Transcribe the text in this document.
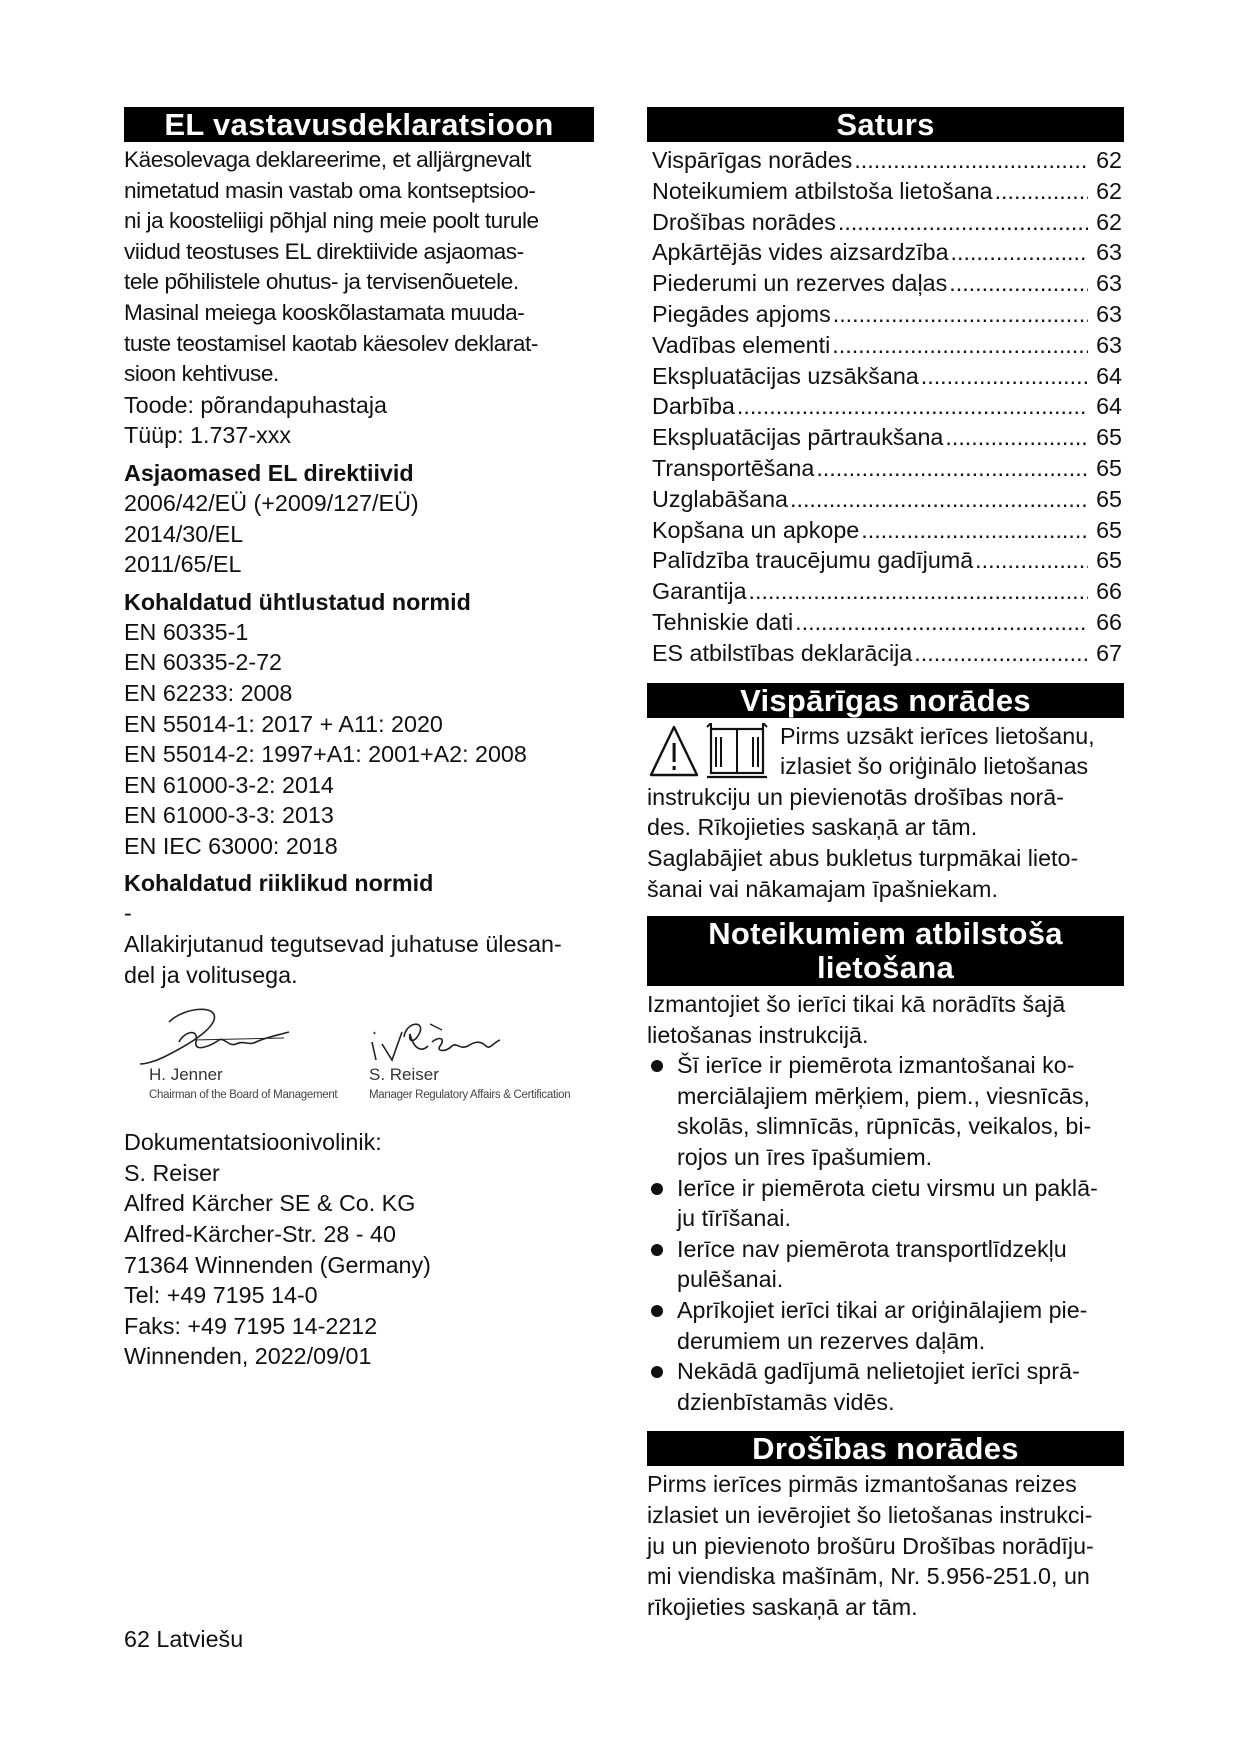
EL vastavusdeklaratsioon
Käesolevaga deklareerime, et alljärgnevalt
nimetatud masin vastab oma kontseptsioo-
ni ja koosteliigi põhjal ning meie poolt turule
viidud teostuses EL direktiivide asjaomas-
tele põhilistele ohutus- ja tervisenõuetele.
Masinal meiega kooskõlastamata muuda-
tuste teostamisel kaotab käesolev deklarat-
sioon kehtivuse.
Toode: põrandapuhastaja
Tüüp: 1.737-xxx
Asjaomased EL direktiivid
2006/42/EÜ (+2009/127/EÜ)
2014/30/EL
2011/65/EL
Kohaldatud ühtlustatud normid
EN 60335-1
EN 60335-2-72
EN 62233: 2008
EN 55014-1: 2017 + A11: 2020
EN 55014-2: 1997+A1: 2001+A2: 2008
EN 61000-3-2: 2014
EN 61000-3-3: 2013
EN IEC 63000: 2018
Kohaldatud riiklikud normid
-
Allakirjutanud tegutsevad juhatuse ülesan-
del ja volitusega.
H. Jenner
Chairman of the Board of Management
S. Reiser
Manager Regulatory Affairs & Certification
Dokumentatsioonivolinik:
S. Reiser
Alfred Kärcher SE & Co. KG
Alfred-Kärcher-Str. 28 - 40
71364 Winnenden (Germany)
Tel: +49 7195 14-0
Faks: +49 7195 14-2212
Winnenden, 2022/09/01
Saturs
Vispārīgas norādes .....	62
Noteikumiem atbilstoša lietošana .....	62
Drošības norādes .....	62
Apkārtējās vides aizsardzība .....	63
Piederumi un rezerves daļas .....	63
Piegādes apjoms .....	63
Vadības elementi .....	63
Ekspluatācijas uzsākšana .....	64
Darbība .....	64
Ekspluatācijas pārtraukšana .....	65
Transportēšana .....	65
Uzglabāšana .....	65
Kopšana un apkope .....	65
Palīdzība traucējumu gadījumā .....	65
Garantija .....	66
Tehniskie dati .....	66
ES atbilstības deklarācija .....	67
Vispārīgas norādes
Pirms uzsākt ierīces lietošanu,
izlasiet šo oriģinālo lietošanas
instrukciju un pievienotās drošības norā-
des. Rīkojieties saskaņā ar tām.
Saglabājiet abus bukletus turpmākai lieto-
šanai vai nākamajam īpašniekam.
Noteikumiem atbilstoša
lietošana
Izmantojiet šo ierīci tikai kā norādīts šajā
lietošanas instrukcijā.
Šī ierīce ir piemērota izmantošanai ko-
merciālajiem mērķiem, piem., viesnīcās,
skolās, slimnīcās, rūpnīcās, veikalos, bi-
rojos un īres īpašumiem.
Ierīce ir piemērota cietu virsmu un paklā-
ju tīrīšanai.
Ierīce nav piemērota transportlīdzekļu
pulēšanai.
Aprīkojiet ierīci tikai ar oriģinālajiem pie-
derumiem un rezerves daļām.
Nekādā gadījumā nelietojiet ierīci sprā-
dzienbīstamās vidēs.
Drošības norādes
Pirms ierīces pirmās izmantošanas reizes
izlasiet un ievērojiet šo lietošanas instrukci-
ju un pievienoto brošūru Drošības norādīju-
mi viendiska mašīnām, Nr. 5.956-251.0, un
rīkojieties saskaņā ar tām.
62 Latviešu
